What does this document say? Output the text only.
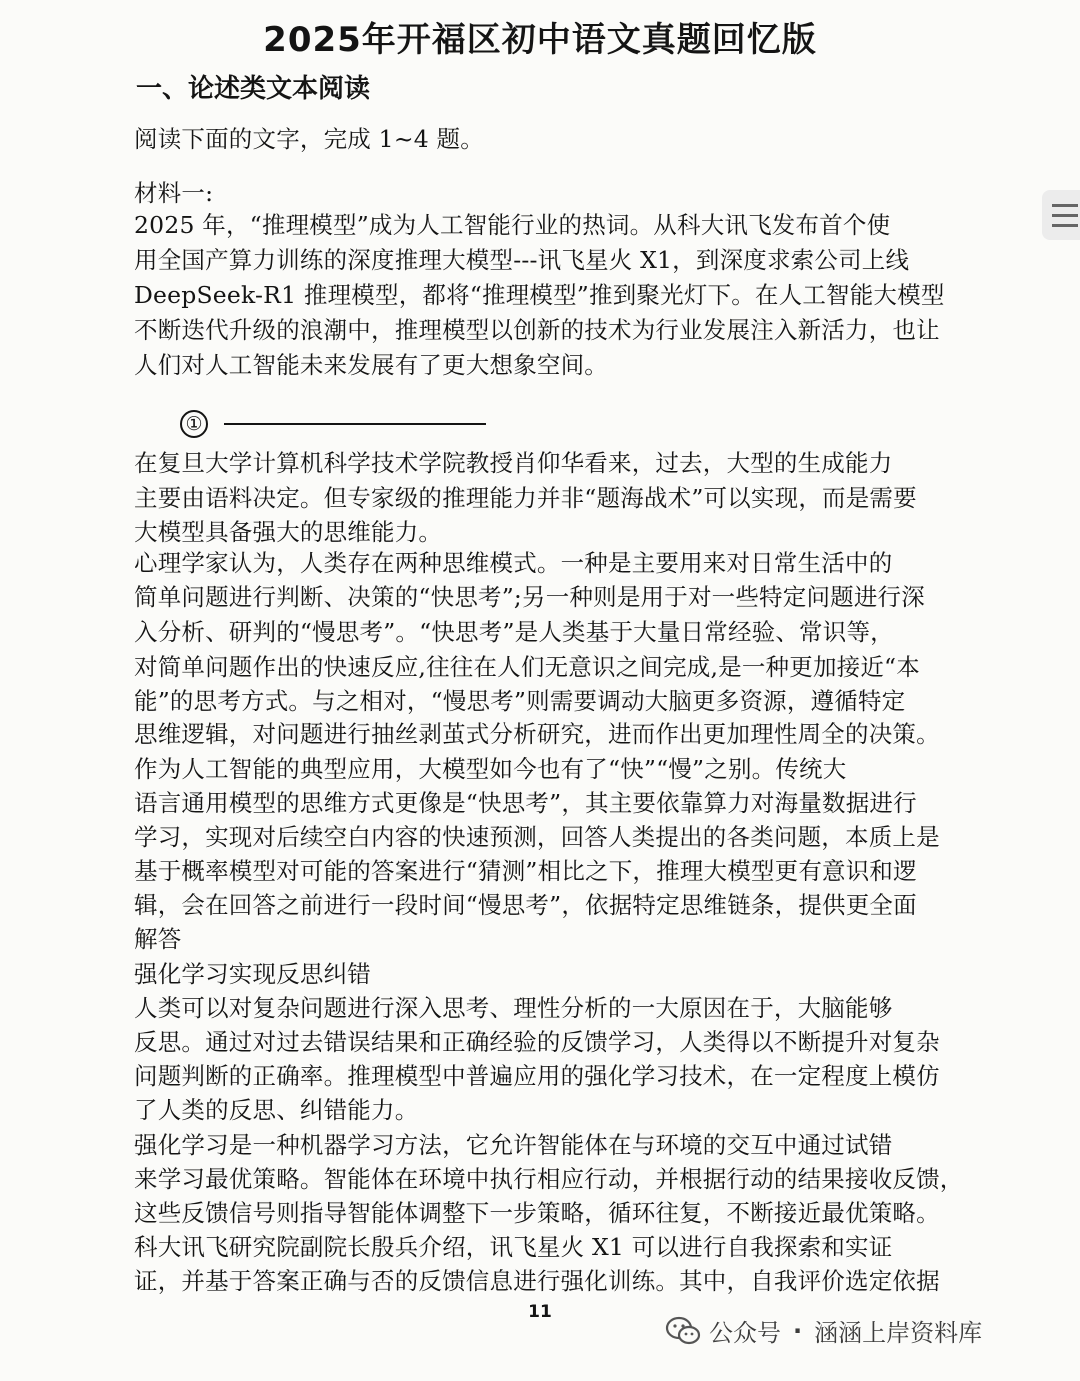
2025年开福区初中语文真题回忆版
一、论述类文本阅读
阅读下面的文字，完成 1~4 题。
材料一:
2025 年，“推理模型”成为人工智能行业的热词。从科大讯飞发布首个使
用全国产算力训练的深度推理大模型---讯飞星火 X1，到深度求索公司上线
DeepSeek-R1 推理模型，都将“推理模型”推到聚光灯下。在人工智能大模型
不断迭代升级的浪潮中，推理模型以创新的技术为行业发展注入新活力，也让
人们对人工智能未来发展有了更大想象空间。
①
在复旦大学计算机科学技术学院教授肖仰华看来，过去，大型的生成能力
主要由语料决定。但专家级的推理能力并非“题海战术”可以实现，而是需要
大模型具备强大的思维能力。
心理学家认为，人类存在两种思维模式。一种是主要用来对日常生活中的
简单问题进行判断、决策的“快思考”;另一种则是用于对一些特定问题进行深
入分析、研判的“慢思考”。“快思考”是人类基于大量日常经验、常识等，
对简单问题作出的快速反应,往往在人们无意识之间完成,是一种更加接近“本
能”的思考方式。与之相对，“慢思考”则需要调动大脑更多资源，遵循特定
思维逻辑，对问题进行抽丝剥茧式分析研究，进而作出更加理性周全的决策。
作为人工智能的典型应用，大模型如今也有了“快”“慢”之别。传统大
语言通用模型的思维方式更像是“快思考”，其主要依靠算力对海量数据进行
学习，实现对后续空白内容的快速预测，回答人类提出的各类问题，本质上是
基于概率模型对可能的答案进行“猜测”相比之下，推理大模型更有意识和逻
辑，会在回答之前进行一段时间“慢思考”，依据特定思维链条，提供更全面
解答
强化学习实现反思纠错
人类可以对复杂问题进行深入思考、理性分析的一大原因在于，大脑能够
反思。通过对过去错误结果和正确经验的反馈学习，人类得以不断提升对复杂
问题判断的正确率。推理模型中普遍应用的强化学习技术，在一定程度上模仿
了人类的反思、纠错能力。
强化学习是一种机器学习方法，它允许智能体在与环境的交互中通过试错
来学习最优策略。智能体在环境中执行相应行动，并根据行动的结果接收反馈，
这些反馈信号则指导智能体调整下一步策略，循环往复，不断接近最优策略。
科大讯飞研究院副院长殷兵介绍，讯飞星火 X1 可以进行自我探索和实证
证，并基于答案正确与否的反馈信息进行强化训练。其中，自我评价选定依据
11
公众号 · 涵涵上岸资料库
